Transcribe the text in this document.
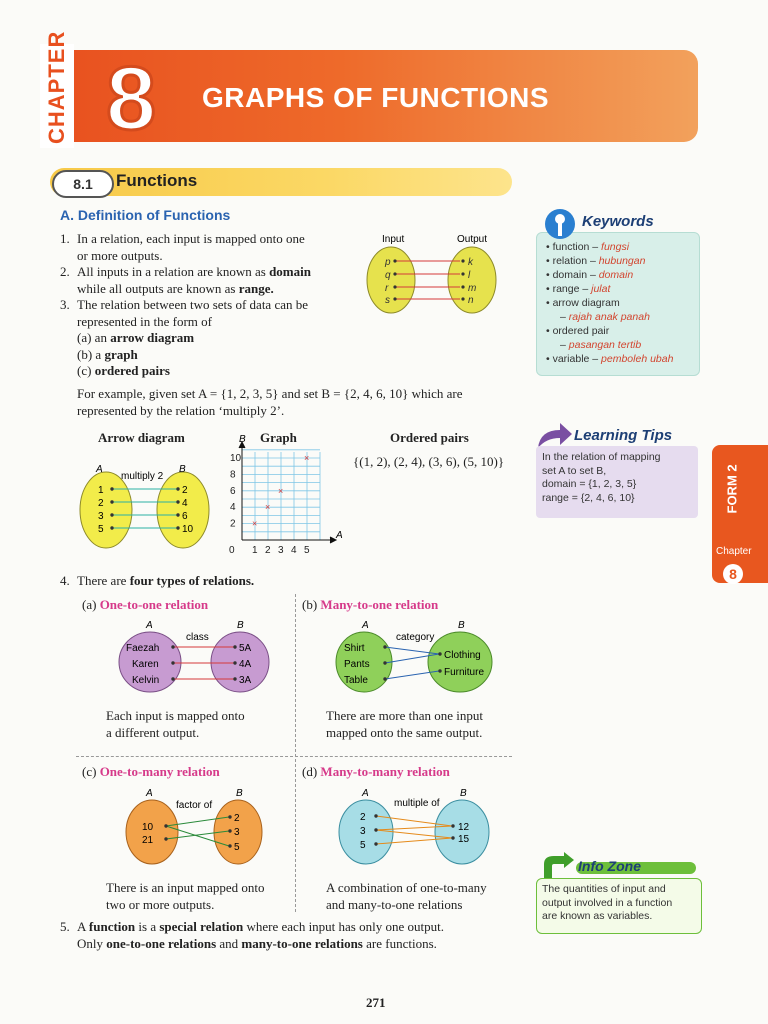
CHAPTER 8 GRAPHS OF FUNCTIONS
8.1	Functions
A. Definition of Functions
1. In a relation, each input is mapped onto one
or more outputs.
2. All inputs in a relation are known as domain
while all outputs are known as range.
3. The relation between two sets of data can be
represented in the form of
(a) an arrow diagram
(b) a graph
(c) ordered pairs
Input	Output
p
q
r
s
k
l
m
n
Keywords
• function – fungsi
• relation – hubungan
• domain – domain
• range – julat
• arrow diagram
– rajah anak panah
• ordered pair
– pasangan tertib
• variable – pemboleh ubah
For example, given set A = {1, 2, 3, 5} and set B = {2, 4, 6, 10} which are
represented by the relation ‘multiply 2’.
Arrow diagram	Graph	Ordered pairs
{(1, 2), (2, 4), (3, 6), (5, 10)}
A	B
multiply 2
1
2
3
5
2
4
6
10
10
8
6
4
2
0 1 2 3 4 5
×
×
×
×
B
A
Learning Tips
In the relation of mapping
set A to set B,
domain = {1, 2, 3, 5}
range = {2, 4, 6, 10}	FORM 2
Chapter
8
4. There are four types of relations.
(a) One-to-one relation
A	B
class
Faezah
Karen
Kelvin
5A
4A
3A
Each input is mapped onto
a different output.
(b) Many-to-one relation
A	B
category
Shirt
Pants
Table
Clothing
Furniture
There are more than one input
mapped onto the same output.
(c) One-to-many relation
A	B
factor of
10
21
2
3
5
There is an input mapped onto
two or more outputs.
(d) Many-to-many relation
A	B
multiple of
2
3
5
12
15
A combination of one-to-many
and many-to-one relations
Info Zone
The quantities of input and
output involved in a function
are known as variables.
5. A function is a special relation where each input has only one output.
Only one-to-one relations and many-to-one relations are functions.
271
